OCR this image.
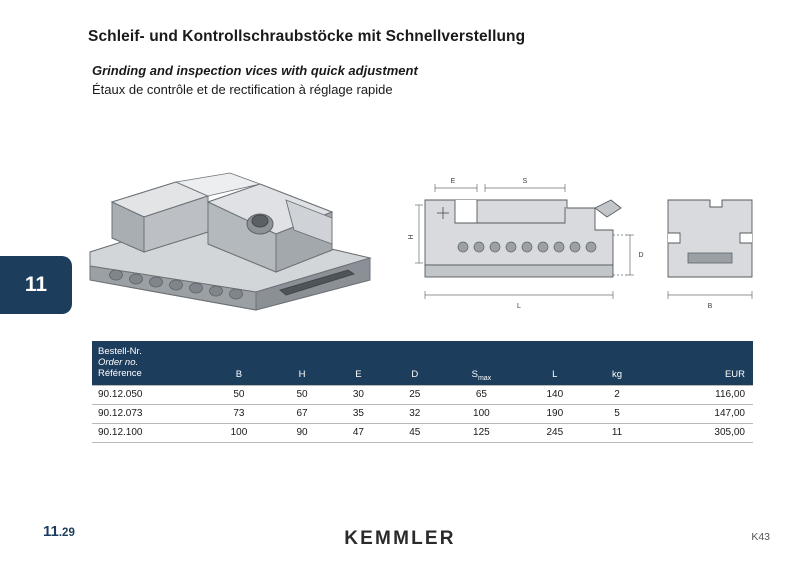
Schleif- und Kontrollschraubstöcke mit Schnellverstellung
Grinding and inspection vices with quick adjustment
Étaux de contrôle et de rectification à réglage rapide
11
E	S
H
D
L	B
Bestell-Nr.
Order no.
Référence	B	H	E	D	$S_{max}$	L	kg	EUR
90.12.050	50	50	30	25	65	140	2	116,00
90.12.073	73	67	35	32	100	190	5	147,00
90.12.100	100	90	47	45	125	245	11	305,00
11.29	KEMMLER	K43
